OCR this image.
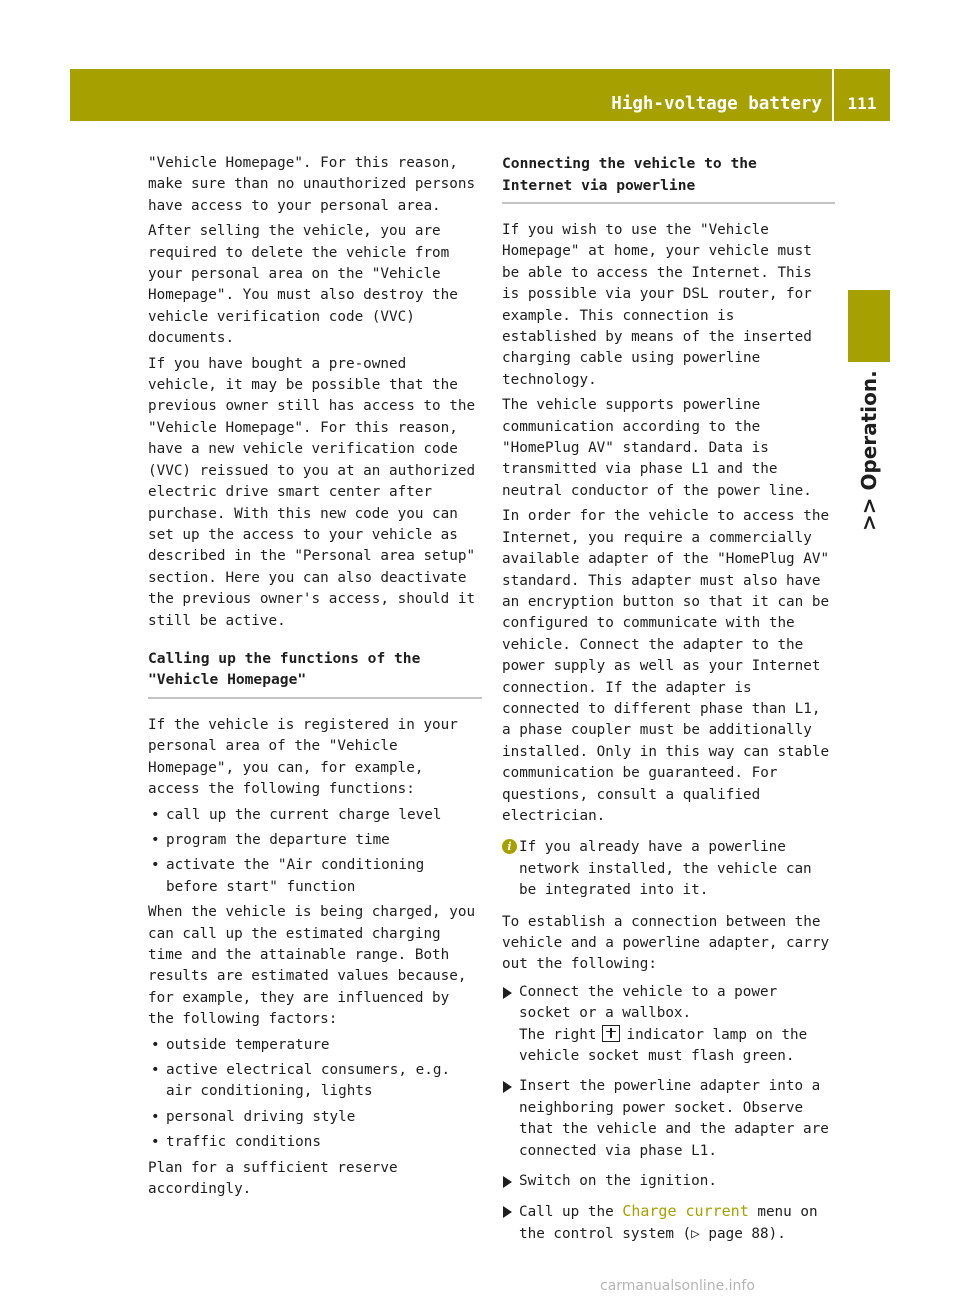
High-voltage battery	111
>> Operation.

"Vehicle Homepage". For this reason, make sure than no unauthorized persons have access to your personal area.

After selling the vehicle, you are required to delete the vehicle from your personal area on the "Vehicle Homepage". You must also destroy the vehicle verification code (VVC) documents.

If you have bought a pre-owned vehicle, it may be possible that the previous owner still has access to the "Vehicle Homepage". For this reason, have a new vehicle verification code (VVC) reissued to you at an authorized electric drive smart center after purchase. With this new code you can set up the access to your vehicle as described in the "Personal area setup" section. Here you can also deactivate the previous owner's access, should it still be active.

Calling up the functions of the "Vehicle Homepage"

If the vehicle is registered in your personal area of the "Vehicle Homepage", you can, for example, access the following functions:

• call up the current charge level
• program the departure time
• activate the "Air conditioning before start" function

When the vehicle is being charged, you can call up the estimated charging time and the attainable range. Both results are estimated values because, for example, they are influenced by the following factors:

• outside temperature
• active electrical consumers, e.g. air conditioning, lights
• personal driving style
• traffic conditions

Plan for a sufficient reserve accordingly.

Connecting the vehicle to the Internet via powerline

If you wish to use the "Vehicle Homepage" at home, your vehicle must be able to access the Internet. This is possible via your DSL router, for example. This connection is established by means of the inserted charging cable using powerline technology.

The vehicle supports powerline communication according to the "HomePlug AV" standard. Data is transmitted via phase L1 and the neutral conductor of the power line.

In order for the vehicle to access the Internet, you require a commercially available adapter of the "HomePlug AV" standard. This adapter must also have an encryption button so that it can be configured to communicate with the vehicle. Connect the adapter to the power supply as well as your Internet connection. If the adapter is connected to different phase than L1, a phase coupler must be additionally installed. Only in this way can stable communication be guaranteed. For questions, consult a qualified electrician.

i If you already have a powerline network installed, the vehicle can be integrated into it.

To establish a connection between the vehicle and a powerline adapter, carry out the following:

Connect the vehicle to a power socket or a wallbox.
The right indicator lamp on the vehicle socket must flash green.
Insert the powerline adapter into a neighboring power socket. Observe that the vehicle and the adapter are connected via phase L1.
Switch on the ignition.
Call up the Charge current menu on the control system (▷ page 88).
carmanualsonline.info
